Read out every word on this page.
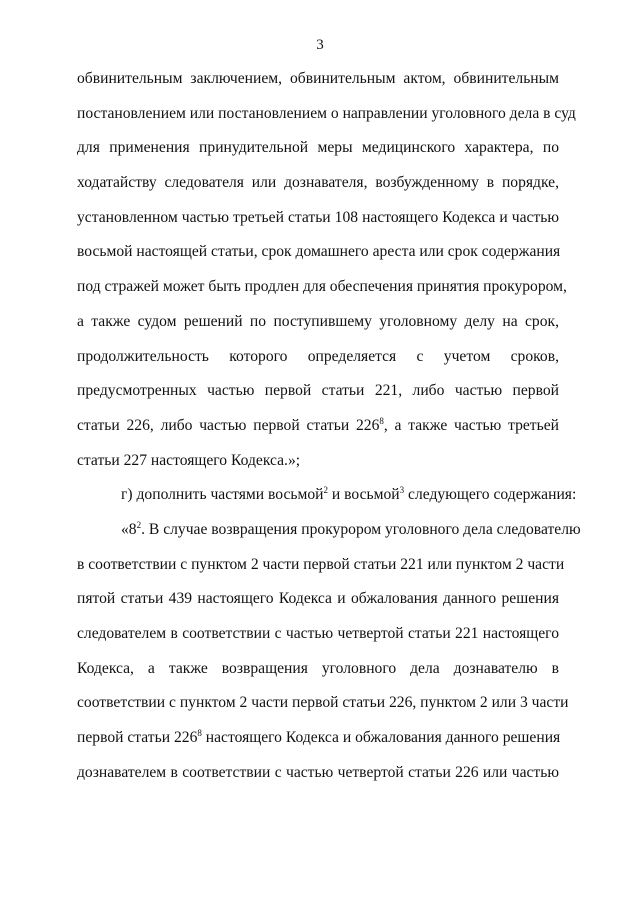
3
обвинительным заключением, обвинительным актом, обвинительным
постановлением или постановлением о направлении уголовного дела в суд
для применения принудительной меры медицинского характера, по
ходатайству следователя или дознавателя, возбужденному в порядке,
установленном частью третьей статьи 108 настоящего Кодекса и частью
восьмой настоящей статьи, срок домашнего ареста или срок содержания
под стражей может быть продлен для обеспечения принятия прокурором,
а также судом решений по поступившему уголовному делу на срок,
продолжительность которого определяется с учетом сроков,
предусмотренных частью первой статьи 221, либо частью первой
статьи 226, либо частью первой статьи $226^8$, а также частью третьей
статьи 227 настоящего Кодекса.»;
г) дополнить частями восьмой$^2$ и восьмой$^3$ следующего содержания:
«$8^2$. В случае возвращения прокурором уголовного дела следователю
в соответствии с пунктом 2 части первой статьи 221 или пунктом 2 части
пятой статьи 439 настоящего Кодекса и обжалования данного решения
следователем в соответствии с частью четвертой статьи 221 настоящего
Кодекса, а также возвращения уголовного дела дознавателю в
соответствии с пунктом 2 части первой статьи 226, пунктом 2 или 3 части
первой статьи $226^8$ настоящего Кодекса и обжалования данного решения
дознавателем в соответствии с частью четвертой статьи 226 или частью
